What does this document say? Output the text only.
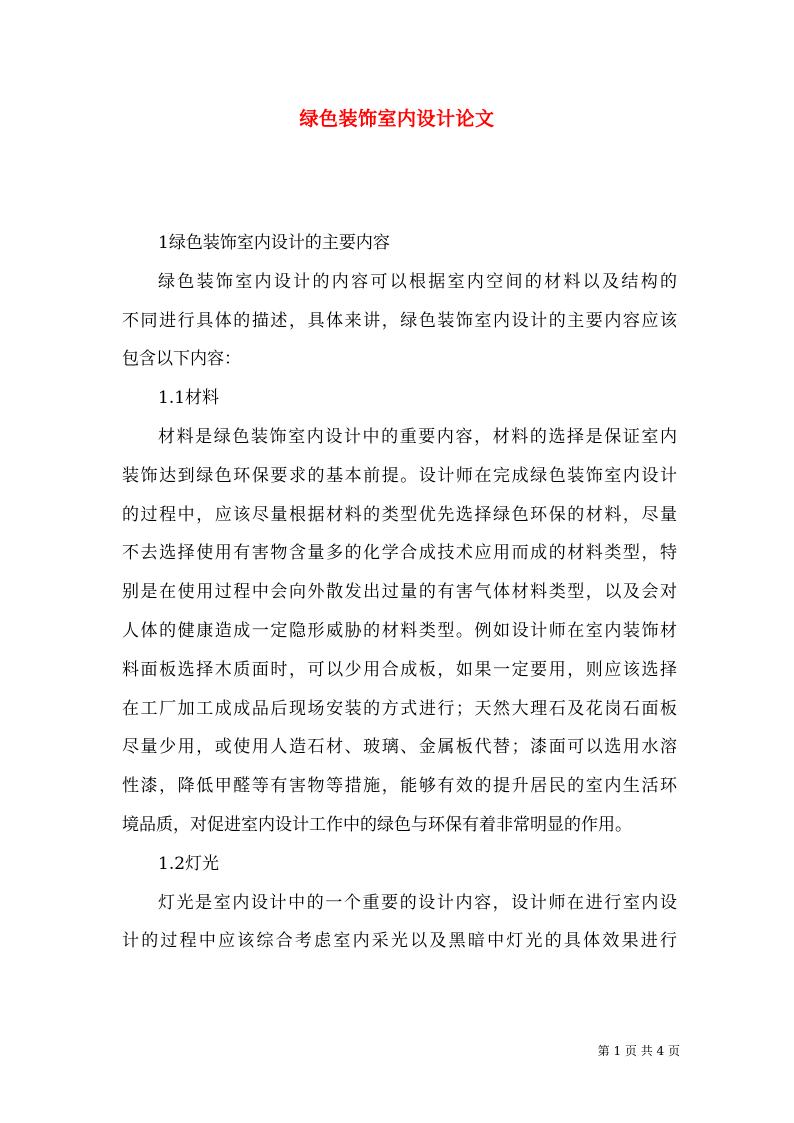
绿色装饰室内设计论文
1绿色装饰室内设计的主要内容
绿色装饰室内设计的内容可以根据室内空间的材料以及结构的
不同进行具体的描述，具体来讲，绿色装饰室内设计的主要内容应该
包含以下内容：
1.1材料
材料是绿色装饰室内设计中的重要内容，材料的选择是保证室内
装饰达到绿色环保要求的基本前提。设计师在完成绿色装饰室内设计
的过程中，应该尽量根据材料的类型优先选择绿色环保的材料，尽量
不去选择使用有害物含量多的化学合成技术应用而成的材料类型，特
别是在使用过程中会向外散发出过量的有害气体材料类型，以及会对
人体的健康造成一定隐形威胁的材料类型。例如设计师在室内装饰材
料面板选择木质面时，可以少用合成板，如果一定要用，则应该选择
在工厂加工成成品后现场安装的方式进行；天然大理石及花岗石面板
尽量少用，或使用人造石材、玻璃、金属板代替；漆面可以选用水溶
性漆，降低甲醛等有害物等措施，能够有效的提升居民的室内生活环
境品质，对促进室内设计工作中的绿色与环保有着非常明显的作用。
1.2灯光
灯光是室内设计中的一个重要的设计内容，设计师在进行室内设
计的过程中应该综合考虑室内采光以及黑暗中灯光的具体效果进行
第 1 页 共 4 页
